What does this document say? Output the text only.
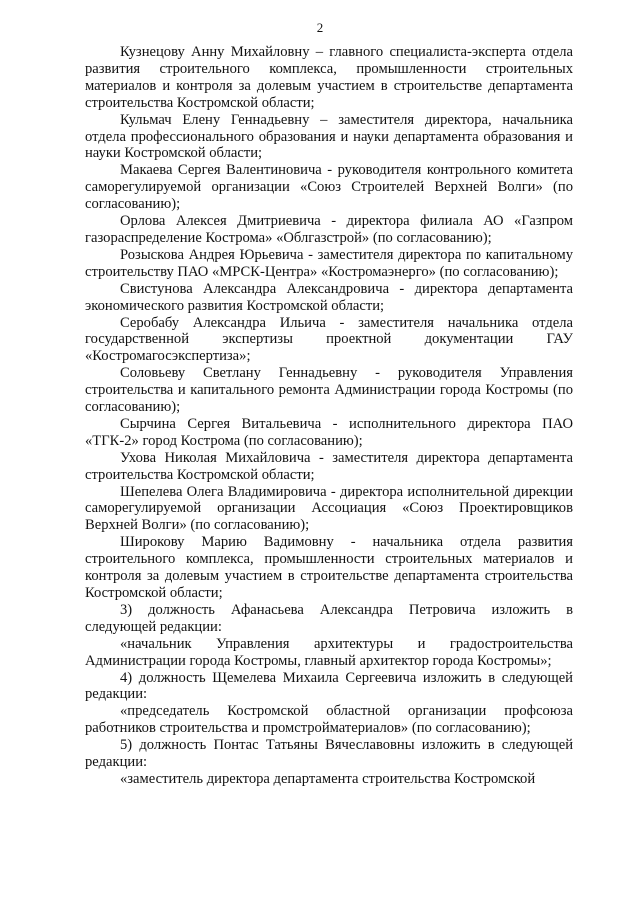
2

Кузнецову Анну Михайловну – главного специалиста-эксперта отдела развития строительного комплекса, промышленности строительных материалов и контроля за долевым участием в строительстве департамента строительства Костромской области;

Кульмач Елену Геннадьевну – заместителя директора, начальника отдела профессионального образования и науки департамента образования и науки Костромской области;

Макаева Сергея Валентиновича - руководителя контрольного комитета саморегулируемой организации «Союз Строителей Верхней Волги» (по согласованию);

Орлова Алексея Дмитриевича - директора филиала АО «Газпром газораспределение Кострома» «Облгазстрой» (по согласованию);

Розыскова Андрея Юрьевича - заместителя директора по капитальному строительству ПАО «МРСК-Центра» «Костромаэнерго» (по согласованию);

Свистунова Александра Александровича - директора департамента экономического развития Костромской области;

Серобабу Александра Ильича - заместителя начальника отдела государственной экспертизы проектной документации ГАУ «Костромагосэкспертиза»;

Соловьеву Светлану Геннадьевну - руководителя Управления строительства и капитального ремонта Администрации города Костромы (по согласованию);

Сырчина Сергея Витальевича - исполнительного директора ПАО «ТГК-2» город Кострома (по согласованию);

Ухова Николая Михайловича - заместителя директора департамента строительства Костромской области;

Шепелева Олега Владимировича - директора исполнительной дирекции саморегулируемой организации Ассоциация «Союз Проектировщиков Верхней Волги» (по согласованию);

Широкову Марию Вадимовну - начальника отдела развития строительного комплекса, промышленности строительных материалов и контроля за долевым участием в строительстве департамента строительства Костромской области;

3) должность Афанасьева Александра Петровича изложить в следующей редакции:

«начальник Управления архитектуры и градостроительства Администрации города Костромы, главный архитектор города Костромы»;

4) должность Щемелева Михаила Сергеевича изложить в следующей редакции:

«председатель Костромской областной организации профсоюза работников строительства и промстройматериалов» (по согласованию);

5) должность Понтас Татьяны Вячеславовны изложить в следующей редакции:

«заместитель директора департамента строительства Костромской
